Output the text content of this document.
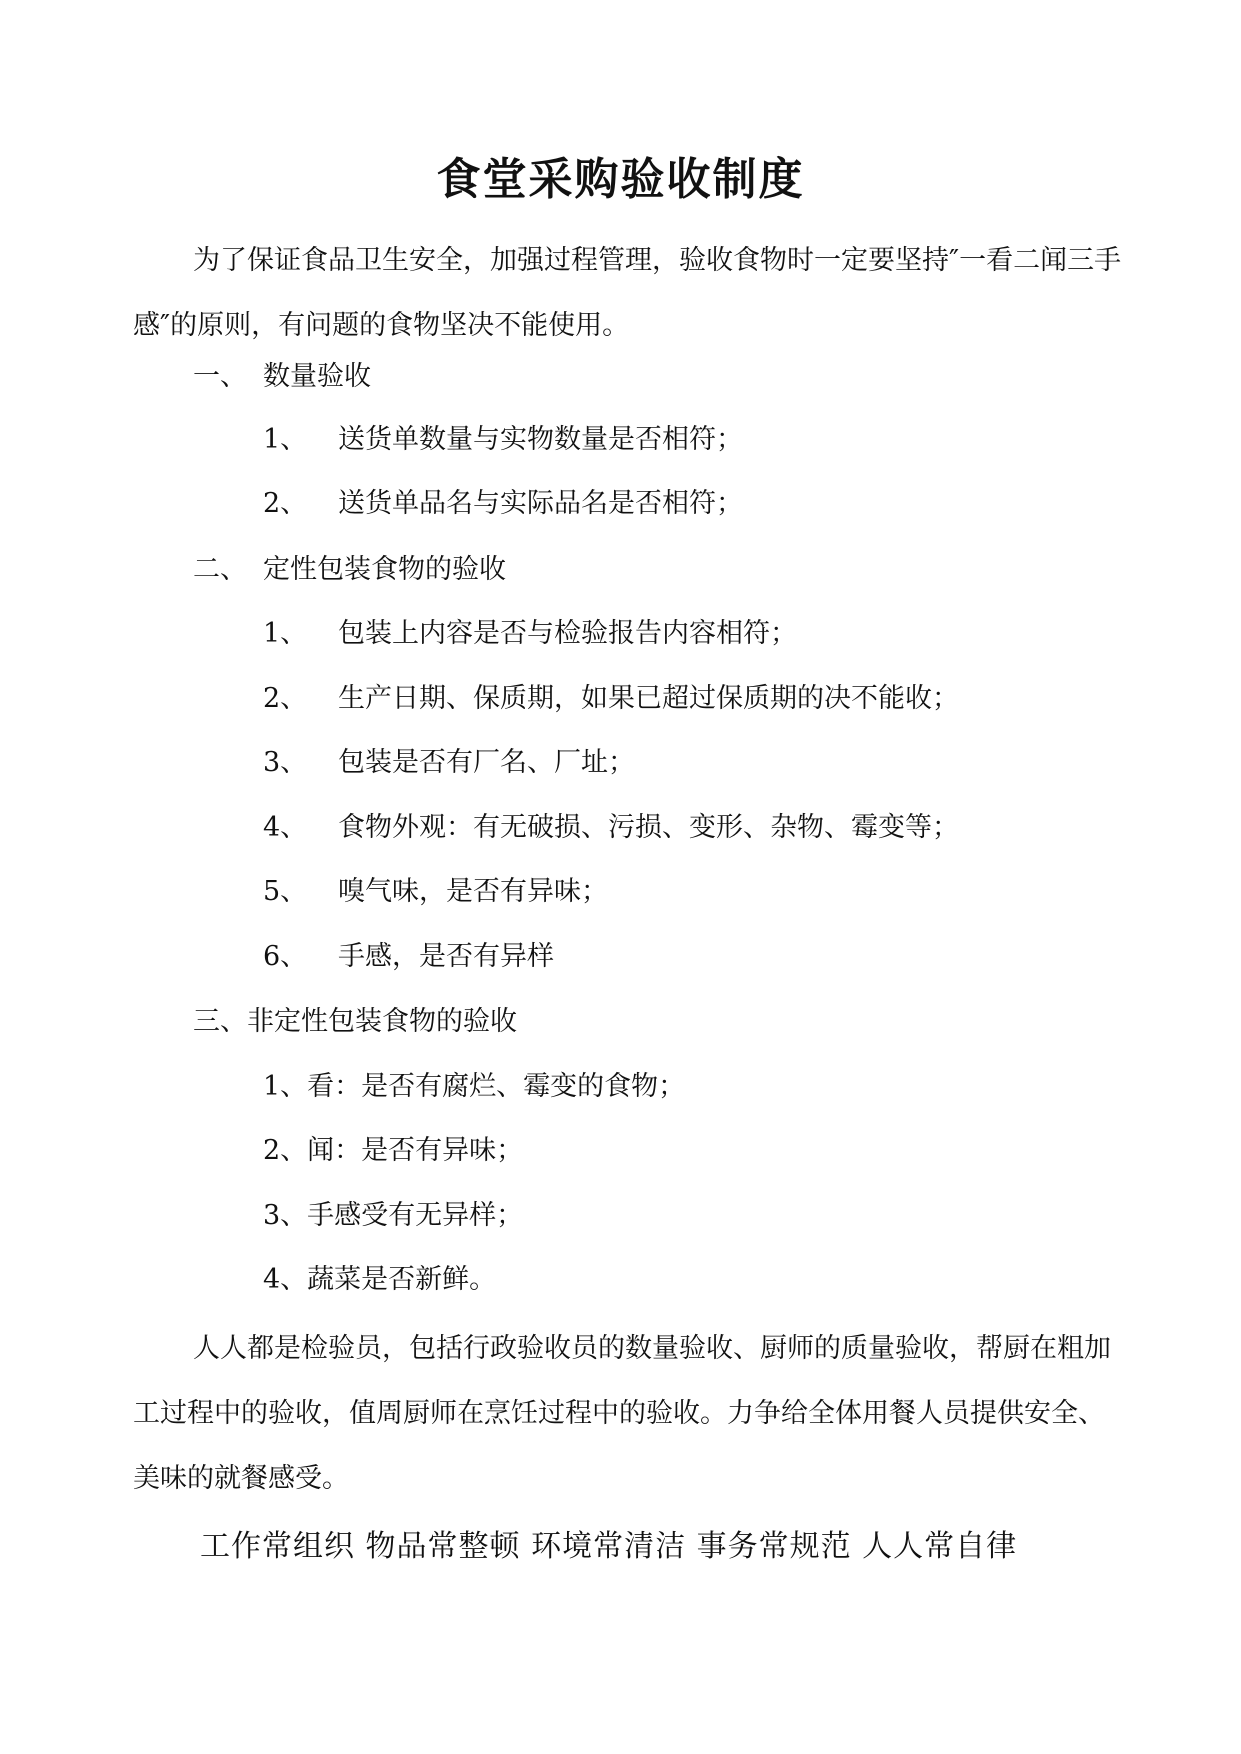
食堂采购验收制度

为了保证食品卫生安全，加强过程管理，验收食物时一定要坚持″一看二闻三手感″的原则，有问题的食物坚决不能使用。

一、 数量验收
1、 送货单数量与实物数量是否相符；
2、 送货单品名与实际品名是否相符；
二、 定性包装食物的验收
1、 包装上内容是否与检验报告内容相符；
2、 生产日期、保质期，如果已超过保质期的决不能收；
3、 包装是否有厂名、厂址；
4、 食物外观：有无破损、污损、变形、杂物、霉变等；
5、 嗅气味，是否有异味；
6、 手感，是否有异样
三、非定性包装食物的验收
1、看：是否有腐烂、霉变的食物；
2、闻：是否有异味；
3、手感受有无异样；
4、蔬菜是否新鲜。

人人都是检验员，包括行政验收员的数量验收、厨师的质量验收，帮厨在粗加工过程中的验收，值周厨师在烹饪过程中的验收。力争给全体用餐人员提供安全、美味的就餐感受。

工作常组织 物品常整顿 环境常清洁 事务常规范 人人常自律
